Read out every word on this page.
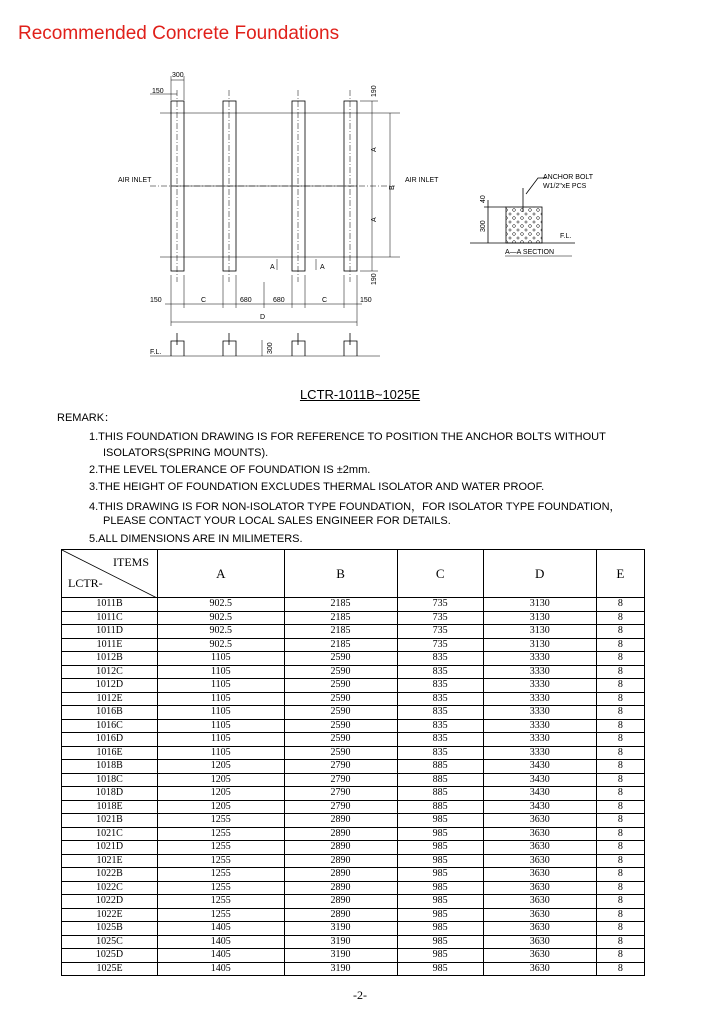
Recommended Concrete Foundations
300
150	190
A
A
B
190
AIR INLET	AIR INLET
A	A
150	C	680	680	C	150
D
F.L.	300
ANCHOR BOLT
W1/2"xE PCS
40
300
F.L.
A—A SECTION
LCTR-1011B~1025E
REMARK：
1.THIS FOUNDATION DRAWING IS FOR REFERENCE TO POSITION THE ANCHOR BOLTS WITHOUT
ISOLATORS(SPRING MOUNTS).
2.THE LEVEL TOLERANCE OF FOUNDATION IS ±2mm.
3.THE HEIGHT OF FOUNDATION EXCLUDES THERMAL ISOLATOR AND WATER PROOF.
4.THIS DRAWING IS FOR NON-ISOLATOR TYPE FOUNDATION，FOR ISOLATOR TYPE FOUNDATION，
PLEASE CONTACT YOUR LOCAL SALES ENGINEER FOR DETAILS.
5.ALL DIMENSIONS ARE IN MILIMETERS.
ITEMS
LCTR-	A	B	C	D	E
1011B	902.5	2185	735	3130	8
1011C	902.5	2185	735	3130	8
1011D	902.5	2185	735	3130	8
1011E	902.5	2185	735	3130	8
1012B	1105	2590	835	3330	8
1012C	1105	2590	835	3330	8
1012D	1105	2590	835	3330	8
1012E	1105	2590	835	3330	8
1016B	1105	2590	835	3330	8
1016C	1105	2590	835	3330	8
1016D	1105	2590	835	3330	8
1016E	1105	2590	835	3330	8
1018B	1205	2790	885	3430	8
1018C	1205	2790	885	3430	8
1018D	1205	2790	885	3430	8
1018E	1205	2790	885	3430	8
1021B	1255	2890	985	3630	8
1021C	1255	2890	985	3630	8
1021D	1255	2890	985	3630	8
1021E	1255	2890	985	3630	8
1022B	1255	2890	985	3630	8
1022C	1255	2890	985	3630	8
1022D	1255	2890	985	3630	8
1022E	1255	2890	985	3630	8
1025B	1405	3190	985	3630	8
1025C	1405	3190	985	3630	8
1025D	1405	3190	985	3630	8
1025E	1405	3190	985	3630	8
-2-
